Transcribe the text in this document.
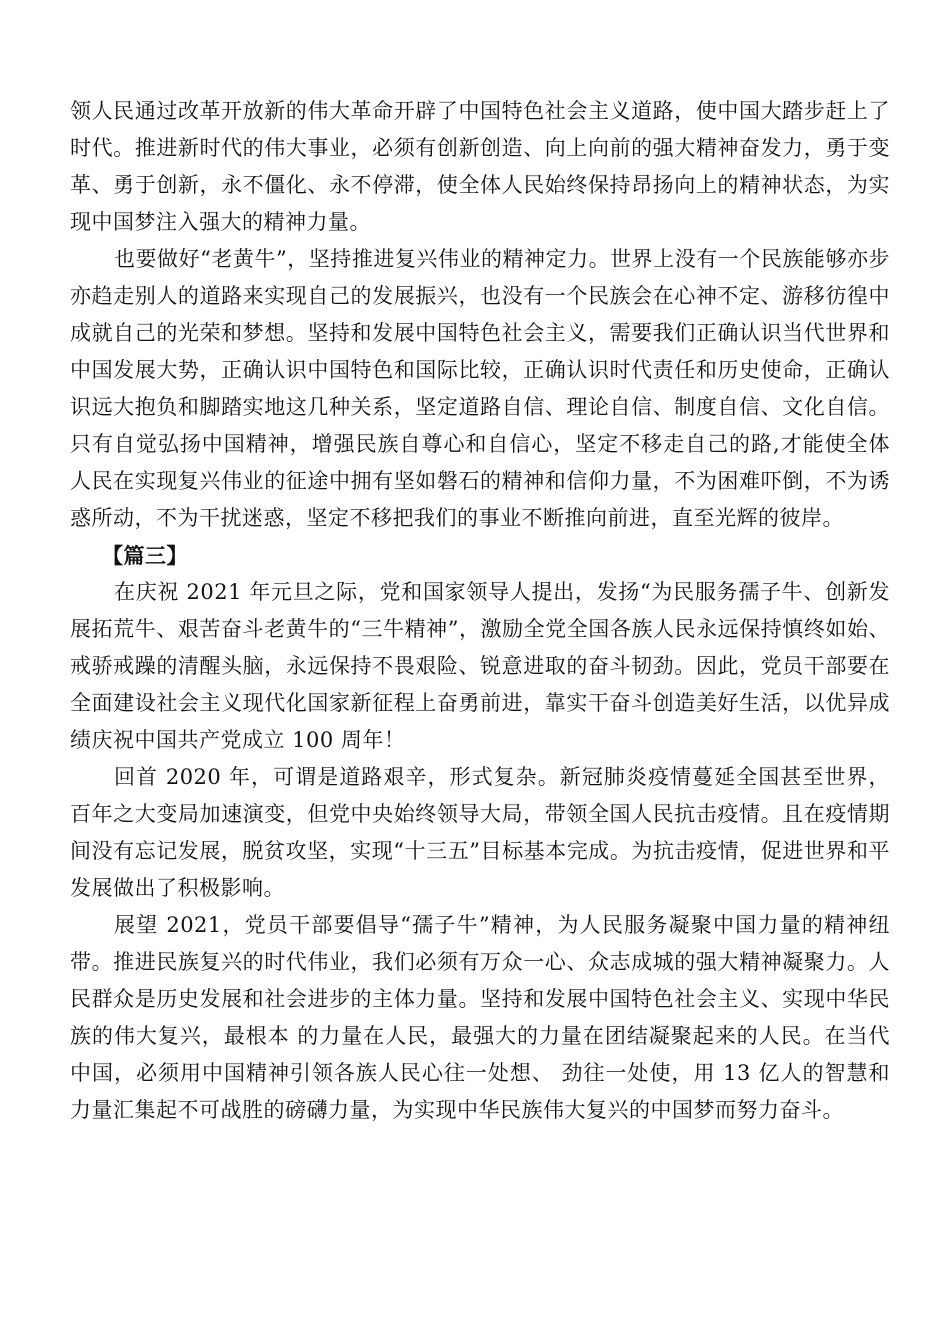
领人民通过改革开放新的伟大革命开辟了中国特色社会主义道路，使中国大踏步赶上了时代。推进新时代的伟大事业，必须有创新创造、向上向前的强大精神奋发力，勇于变革、勇于创新，永不僵化、永不停滞，使全体人民始终保持昂扬向上的精神状态，为实现中国梦注入强大的精神力量。

也要做好“老黄牛”，坚持推进复兴伟业的精神定力。世界上没有一个民族能够亦步亦趋走别人的道路来实现自己的发展振兴，也没有一个民族会在心神不定、游移彷徨中成就自己的光荣和梦想。坚持和发展中国特色社会主义，需要我们正确认识当代世界和中国发展大势，正确认识中国特色和国际比较，正确认识时代责任和历史使命，正确认识远大抱负和脚踏实地这几种关系，坚定道路自信、理论自信、制度自信、文化自信。只有自觉弘扬中国精神，增强民族自尊心和自信心，坚定不移走自己的路,才能使全体人民在实现复兴伟业的征途中拥有坚如磐石的精神和信仰力量，不为困难吓倒，不为诱惑所动，不为干扰迷惑，坚定不移把我们的事业不断推向前进，直至光辉的彼岸。

【篇三】

在庆祝 2021 年元旦之际，党和国家领导人提出，发扬“为民服务孺子牛、创新发展拓荒牛、艰苦奋斗老黄牛的“三牛精神”，激励全党全国各族人民永远保持慎终如始、戒骄戒躁的清醒头脑，永远保持不畏艰险、锐意进取的奋斗韧劲。因此，党员干部要在全面建设社会主义现代化国家新征程上奋勇前进，靠实干奋斗创造美好生活，以优异成绩庆祝中国共产党成立 100 周年！

回首 2020 年，可谓是道路艰辛，形式复杂。新冠肺炎疫情蔓延全国甚至世界，百年之大变局加速演变，但党中央始终领导大局，带领全国人民抗击疫情。且在疫情期间没有忘记发展，脱贫攻坚，实现“十三五”目标基本完成。为抗击疫情，促进世界和平发展做出了积极影响。

展望 2021，党员干部要倡导“孺子牛”精神，为人民服务凝聚中国力量的精神纽带。推进民族复兴的时代伟业，我们必须有万众一心、众志成城的强大精神凝聚力。人民群众是历史发展和社会进步的主体力量。坚持和发展中国特色社会主义、实现中华民族的伟大复兴，最根本 的力量在人民，最强大的力量在团结凝聚起来的人民。在当代中国，必须用中国精神引领各族人民心往一处想、 劲往一处使，用 13 亿人的智慧和力量汇集起不可战胜的磅礴力量，为实现中华民族伟大复兴的中国梦而努力奋斗。
